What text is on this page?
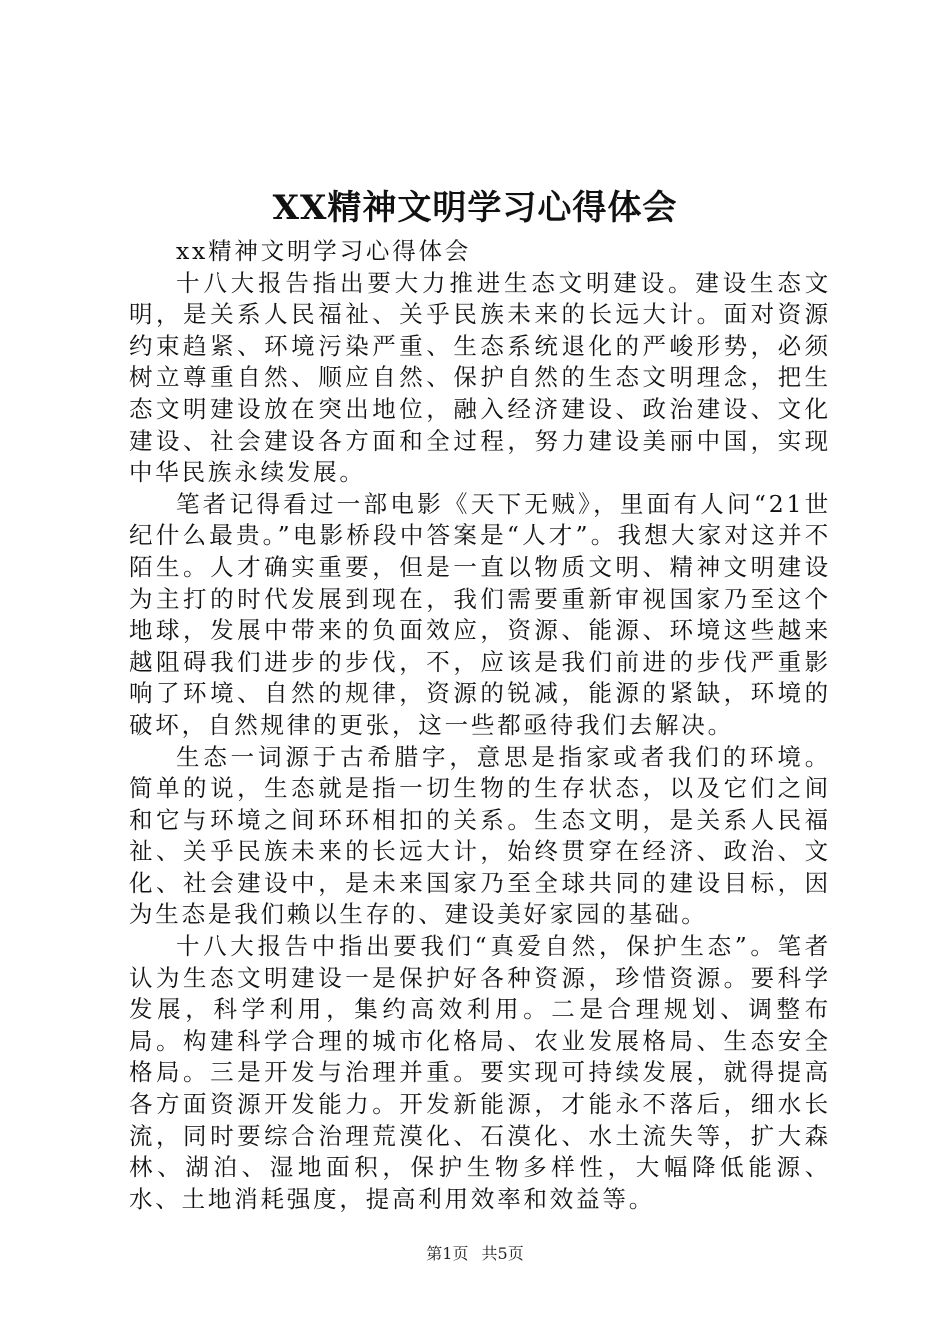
XX精神文明学习心得体会

xx精神文明学习心得体会

十八大报告指出要大力推进生态文明建设。建设生态文明，是关系人民福祉、关乎民族未来的长远大计。面对资源约束趋紧、环境污染严重、生态系统退化的严峻形势，必须树立尊重自然、顺应自然、保护自然的生态文明理念，把生态文明建设放在突出地位，融入经济建设、政治建设、文化建设、社会建设各方面和全过程，努力建设美丽中国，实现中华民族永续发展。

笔者记得看过一部电影《天下无贼》，里面有人问“21世纪什么最贵。”电影桥段中答案是“人才”。我想大家对这并不陌生。人才确实重要，但是一直以物质文明、精神文明建设为主打的时代发展到现在，我们需要重新审视国家乃至这个地球，发展中带来的负面效应，资源、能源、环境这些越来越阻碍我们进步的步伐，不，应该是我们前进的步伐严重影响了环境、自然的规律，资源的锐减，能源的紧缺，环境的破坏，自然规律的更张，这一些都亟待我们去解决。

生态一词源于古希腊字，意思是指家或者我们的环境。简单的说，生态就是指一切生物的生存状态，以及它们之间和它与环境之间环环相扣的关系。生态文明，是关系人民福祉、关乎民族未来的长远大计，始终贯穿在经济、政治、文化、社会建设中，是未来国家乃至全球共同的建设目标，因为生态是我们赖以生存的、建设美好家园的基础。

十八大报告中指出要我们“真爱自然，保护生态”。笔者认为生态文明建设一是保护好各种资源，珍惜资源。要科学发展，科学利用，集约高效利用。二是合理规划、调整布局。构建科学合理的城市化格局、农业发展格局、生态安全格局。三是开发与治理并重。要实现可持续发展，就得提高各方面资源开发能力。开发新能源，才能永不落后，细水长流，同时要综合治理荒漠化、石漠化、水土流失等，扩大森林、湖泊、湿地面积，保护生物多样性，大幅降低能源、水、土地消耗强度，提高利用效率和效益等。

第1页 共5页
